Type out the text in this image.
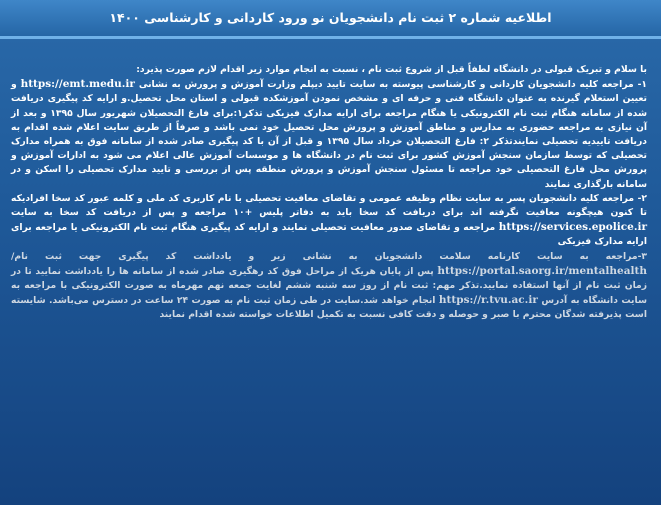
اطلاعیه شماره ۲ ثبت نام دانشجویان نو ورود کاردانی و کارشناسی ۱۴۰۰

با سلام و تبریک قبولی در دانشگاه لطفاً قبل از شروع ثبت نام ، نسبت به انجام موارد زیر اقدام لازم صورت پذیرد:

۱- مراجعه کلیه دانشجویان کاردانی و کارشناسی پیوسته به سایت تایید دیپلم وزارت آموزش و پرورش به نشانی https://emt.medu.ir و تعیین استعلام گیرنده به عنوان دانشگاه فنی و حرفه ای و مشخص نمودن آموزشکده قبولی و استان محل تحصیل.و ارایه کد پیگیری دریافت شده از سامانه هنگام ثبت نام الکترونیکی یا هنگام مراجعه برای ارایه مدارک فیزیکی تذکر۱:برای فارغ التحصیلان شهریور سال ۱۳۹۵ و بعد از آن نیازی به مراجعه حضوری به مدارس و مناطق آموزش و پرورش محل تحصیل خود نمی باشد و صرفاً از طریق سایت اعلام شده اقدام به دریافت تاییدیه تحصیلی نمایندتذکر ۲: فارغ التحصیلان خرداد سال ۱۳۹۵ و قبل از آن با کد پیگیری صادر شده از سامانه فوق به همراه مدارک تحصیلی که توسط سازمان سنجش آموزش کشور برای ثبت نام در دانشگاه ها و موسسات آموزش عالی اعلام می شود به ادارات آموزش و پرورش محل فارغ التحصیلی خود مراجعه تا مسئول سنجش آموزش و پرورش منطقه پس از بررسی و تایید مدارک تحصیلی را اسکن و در سامانه بارگذاری نمایند

۲- مراجعه کلیه دانشجویان پسر به سایت نظام وظیفه عمومی و تقاضای معافیت تحصیلی با نام کاربری کد ملی و کلمه عبور کد سخا افرادیکه تا کنون هیچگونه معافیت نگرفته اند برای دریافت کد سخا باید به دفاتر پلیس +۱۰ مراجعه و پس از دریافت کد سخا به سایت https://services.epolice.ir مراجعه و تقاضای صدور معافیت تحصیلی نمایند و ارایه کد پیگیری هنگام ثبت نام الکترونیکی یا مراجعه برای ارایه مدارک فیزیکی

۳-مراجعه به سایت کارنامه سلامت دانشجویان به نشانی زیر و یادداشت کد پیگیری جهت ثبت نام/ https://portal.saorg.ir/mentalhealth پس از پایان هریک از مراحل فوق کد رهگیری صادر شده از سامانه ها را یادداشت نمایید تا در زمان ثبت نام از آنها استفاده نمایید.تذکر مهم: ثبت نام از روز سه شنبه ششم لغایت جمعه نهم مهرماه به صورت الکترونیکی با مراجعه به سایت دانشگاه به آدرس https://r.tvu.ac.ir انجام خواهد شد.سایت در طی زمان ثبت نام به صورت ۲۴ ساعت در دسترس می‌باشد. شایسته است پذیرفته شدگان محترم با صبر و حوصله و دقت کافی نسبت به تکمیل اطلاعات خواسته شده اقدام نمایند
